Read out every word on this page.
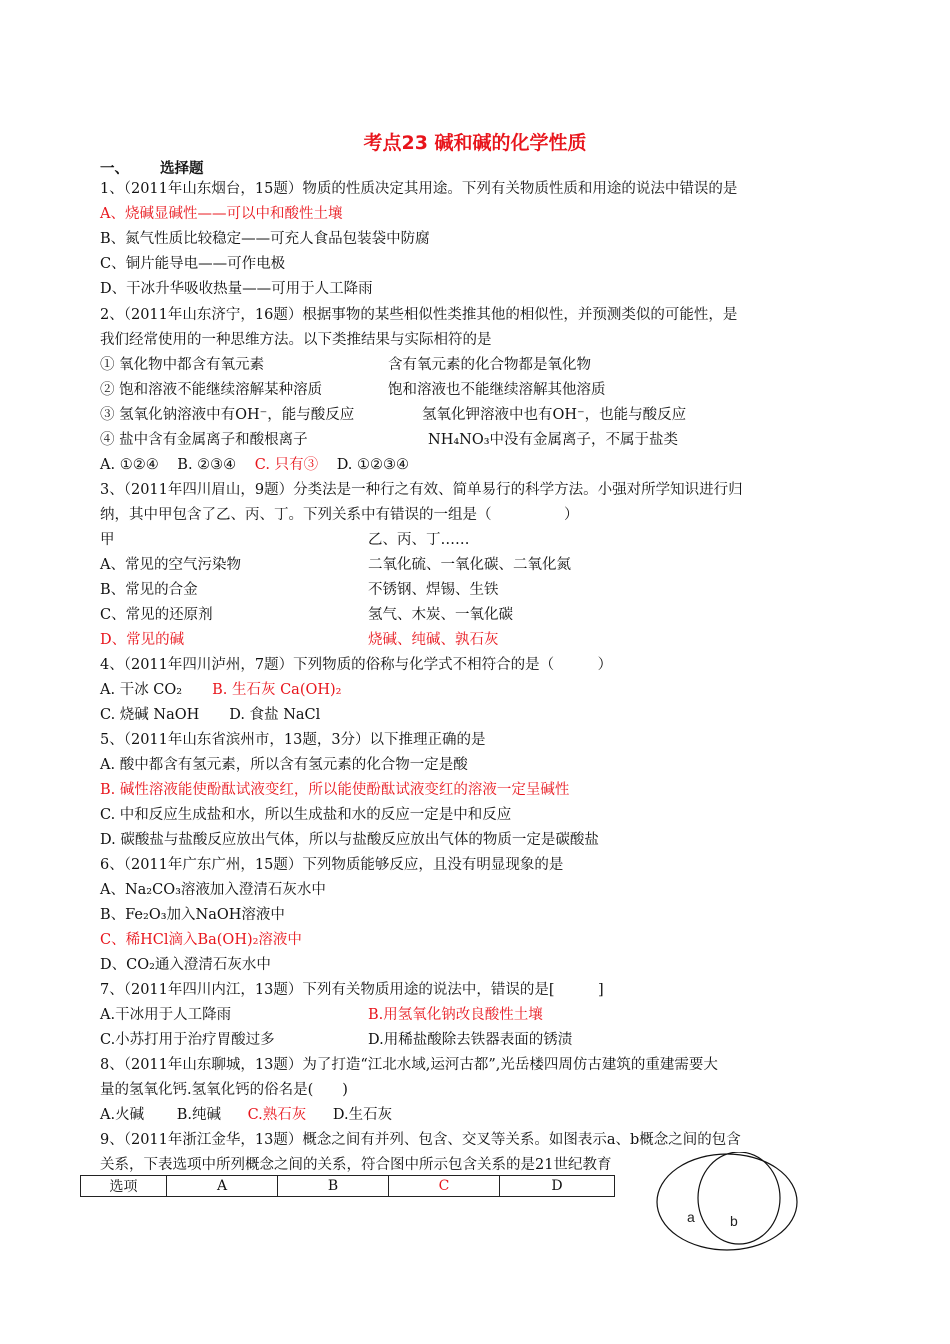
考点23 碱和碱的化学性质
一、 选择题
1、（2011年山东烟台，15题）物质的性质决定其用途。下列有关物质性质和用途的说法中错误的是
A、烧碱显碱性——可以中和酸性土壤
B、氮气性质比较稳定——可充人食品包装袋中防腐
C、铜片能导电——可作电极
D、干冰升华吸收热量——可用于人工降雨
2、（2011年山东济宁，16题）根据事物的某些相似性类推其他的相似性，并预测类似的可能性，是
我们经常使用的一种思维方法。以下类推结果与实际相符的是
① 氧化物中都含有氧元素	含有氧元素的化合物都是氧化物
② 饱和溶液不能继续溶解某种溶质	饱和溶液也不能继续溶解其他溶质
③ 氢氧化钠溶液中有OH⁻，能与酸反应	氢氧化钾溶液中也有OH⁻，也能与酸反应
④ 盐中含有金属离子和酸根离子	NH₄NO₃中没有金属离子，不属于盐类
A. ①②④ B. ②③④ C. 只有③ D. ①②③④
3、（2011年四川眉山，9题）分类法是一种行之有效、简单易行的科学方法。小强对所学知识进行归
纳，其中甲包含了乙、丙、丁。下列关系中有错误的一组是（　　　　　）
甲	乙、丙、丁……
A、常见的空气污染物	二氧化硫、一氧化碳、二氧化氮
B、常见的合金	不锈钢、焊锡、生铁
C、常见的还原剂	氢气、木炭、一氧化碳
D、常见的碱	烧碱、纯碱、孰石灰
4、（2011年四川泸州，7题）下列物质的俗称与化学式不相符合的是（　　　）
A. 干冰 CO₂ B. 生石灰 Ca(OH)₂
C. 烧碱 NaOH D. 食盐 NaCl
5、（2011年山东省滨州市，13题，3分）以下推理正确的是
A. 酸中都含有氢元素，所以含有氢元素的化合物一定是酸
B. 碱性溶液能使酚酞试液变红，所以能使酚酞试液变红的溶液一定呈碱性
C. 中和反应生成盐和水，所以生成盐和水的反应一定是中和反应
D. 碳酸盐与盐酸反应放出气体，所以与盐酸反应放出气体的物质一定是碳酸盐
6、（2011年广东广州，15题）下列物质能够反应，且没有明显现象的是
A、Na₂CO₃溶液加入澄清石灰水中
B、Fe₂O₃加入NaOH溶液中
C、稀HCl滴入Ba(OH)₂溶液中
D、CO₂通入澄清石灰水中
7、（2011年四川内江，13题）下列有关物质用途的说法中，错误的是[　　　]
A.干冰用于人工降雨	B.用氢氧化钠改良酸性土壤
C.小苏打用于治疗胃酸过多	D.用稀盐酸除去铁器表面的锈渍
8、（2011年山东聊城，13题）为了打造“江北水域,运河古都”,光岳楼四周仿古建筑的重建需要大
量的氢氧化钙.氢氧化钙的俗名是(　　)
A.火碱 B.纯碱 C.熟石灰 D.生石灰
9、（2011年浙江金华，13题）概念之间有并列、包含、交叉等关系。如图表示a、b概念之间的包含
关系，下表选项中所列概念之间的关系，符合图中所示包含关系的是21世纪教育
选项	A	B	C	D
a	b
